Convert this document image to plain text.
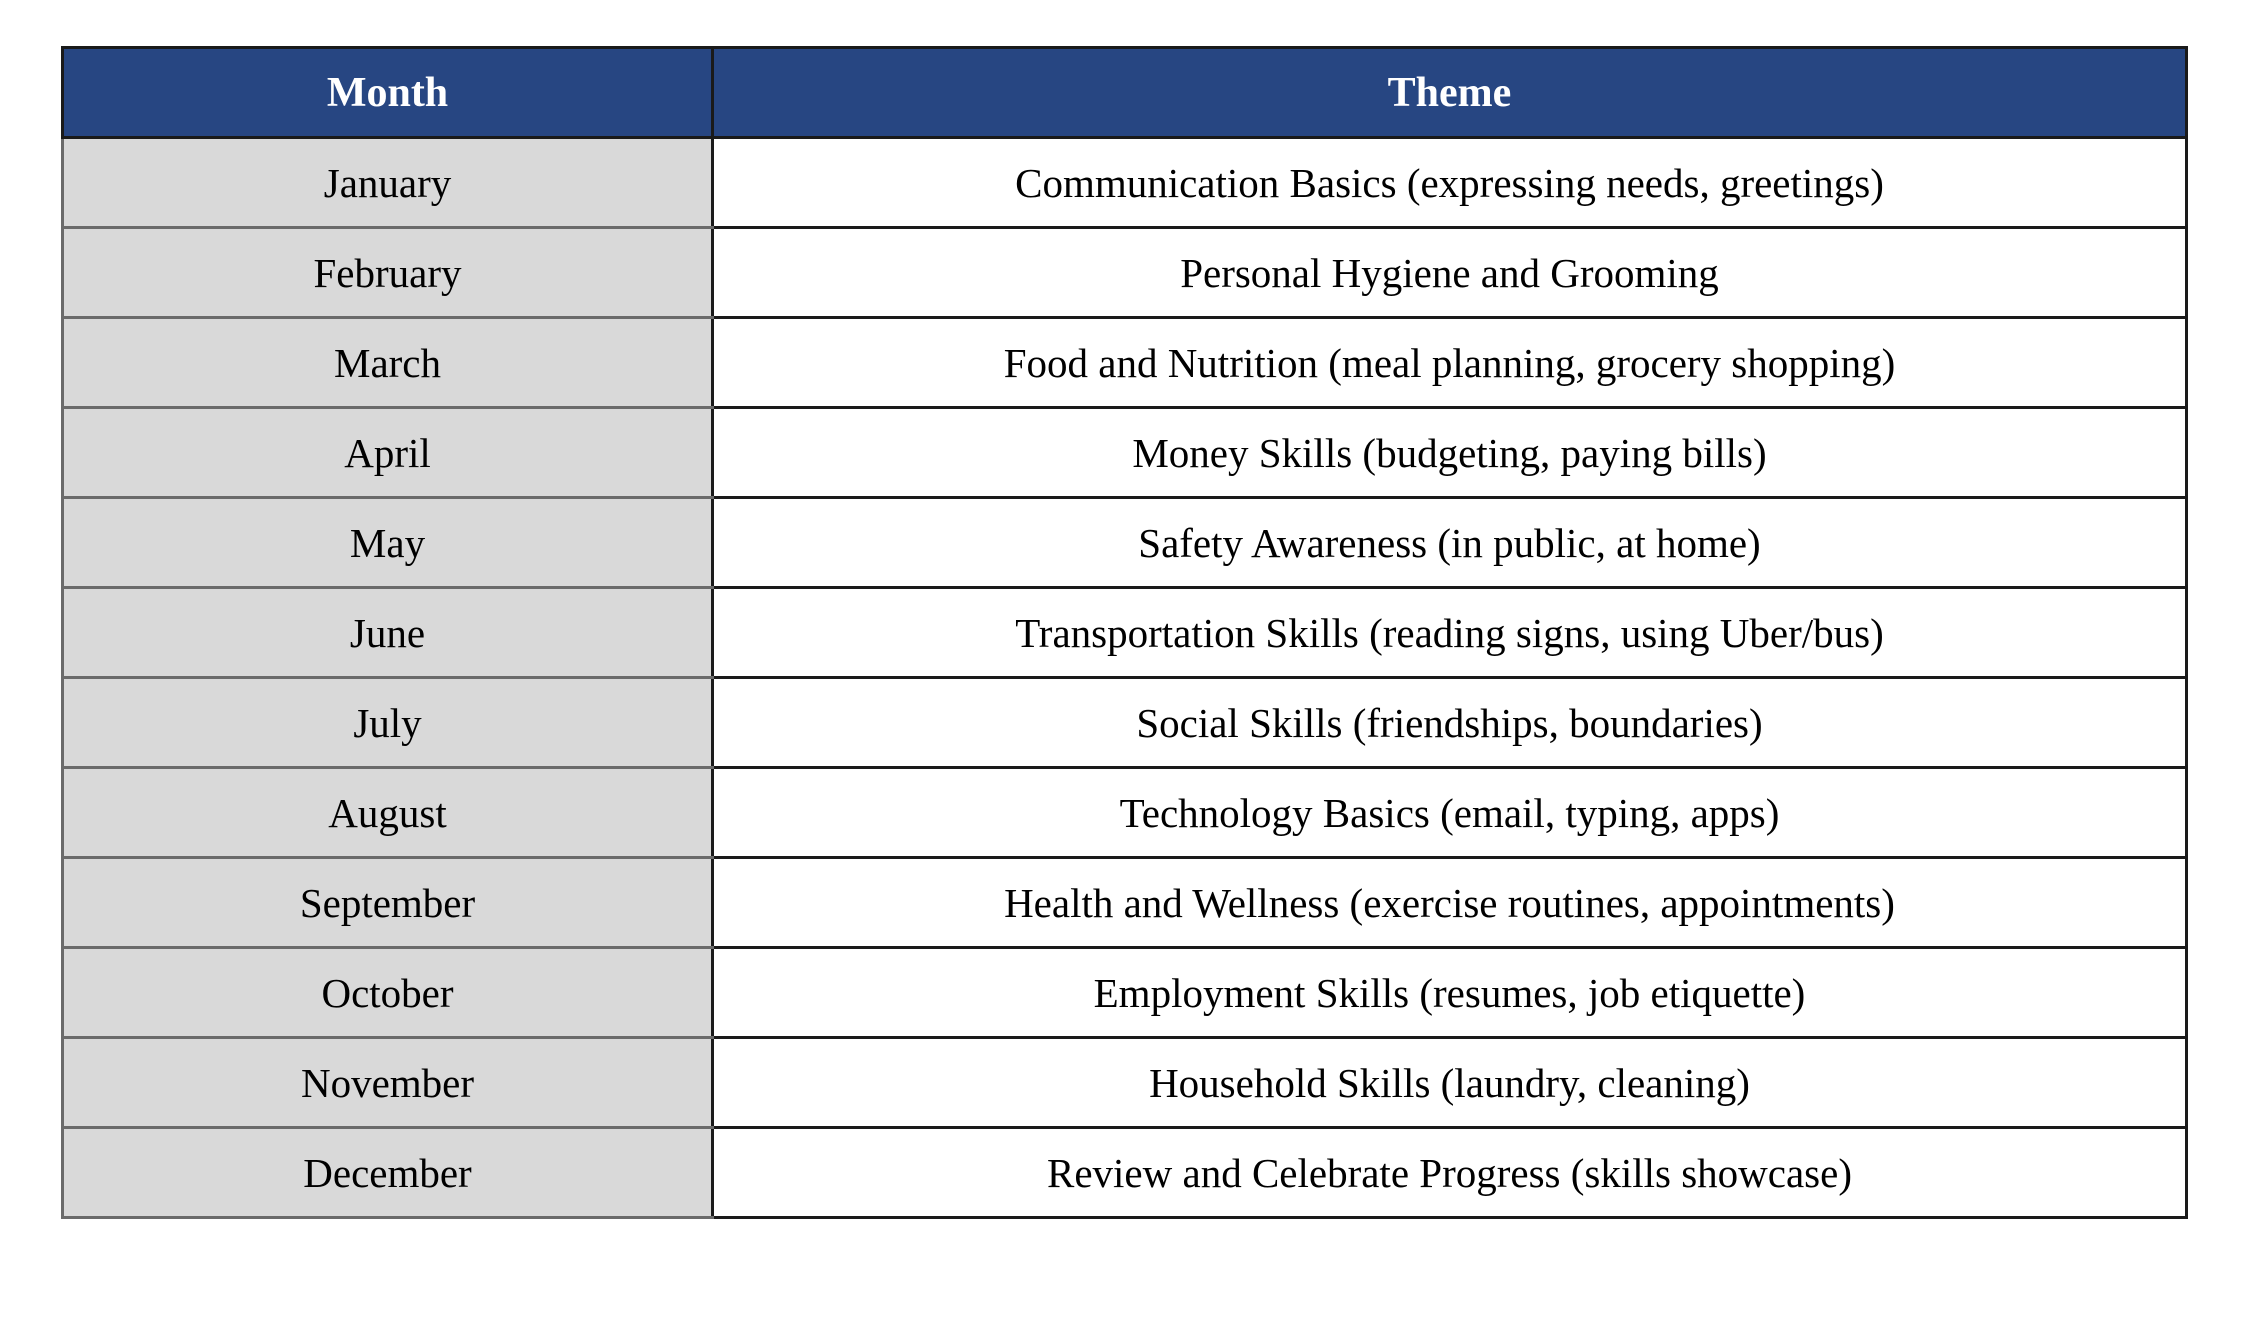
Month	Theme
January	Communication Basics (expressing needs, greetings)
February	Personal Hygiene and Grooming
March	Food and Nutrition (meal planning, grocery shopping)
April	Money Skills (budgeting, paying bills)
May	Safety Awareness (in public, at home)
June	Transportation Skills (reading signs, using Uber/bus)
July	Social Skills (friendships, boundaries)
August	Technology Basics (email, typing, apps)
September	Health and Wellness (exercise routines, appointments)
October	Employment Skills (resumes, job etiquette)
November	Household Skills (laundry, cleaning)
December	Review and Celebrate Progress (skills showcase)
